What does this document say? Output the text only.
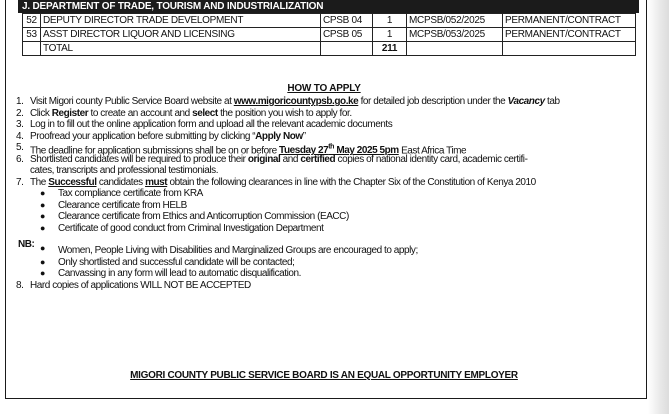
J. DEPARTMENT OF TRADE, TOURISM AND INDUSTRIALIZATION
52	DEPUTY DIRECTOR TRADE DEVELOPMENT	CPSB 04	1	MCPSB/052/2025	PERMANENT/CONTRACT
53	ASST DIRECTOR LIQUOR AND LICENSING	CPSB 05	1	MCPSB/053/2025	PERMANENT/CONTRACT
	TOTAL		211		
HOW TO APPLY
1. Visit Migori county Public Service Board website at www.migoricountypsb.go.ke for detailed job description under the Vacancy tab
2. Click Register to create an account and select the position you wish to apply for.
3. Log in to fill out the online application form and upload all the relevant academic documents
4. Proofread your application before submitting by clicking “Apply Now”
5. The deadline for application submissions shall be on or before Tuesday 27th May 2025 5pm East Africa Time
6. Shortlisted candidates will be required to produce their original and certified copies of national identity card, academic certifi-
cates, transcripts and professional testimonials.
7. The Successful candidates must obtain the following clearances in line with the Chapter Six of the Constitution of Kenya 2010
● Tax compliance certificate from KRA
● Clearance certificate from HELB
● Clearance certificate from Ethics and Anticorruption Commission (EACC)
● Certificate of good conduct from Criminal Investigation Department
NB: ● Women, People Living with Disabilities and Marginalized Groups are encouraged to apply;
● Only shortlisted and successful candidate will be contacted;
● Canvassing in any form will lead to automatic disqualification.
8. Hard copies of applications WILL NOT BE ACCEPTED
MIGORI COUNTY PUBLIC SERVICE BOARD IS AN EQUAL OPPORTUNITY EMPLOYER
